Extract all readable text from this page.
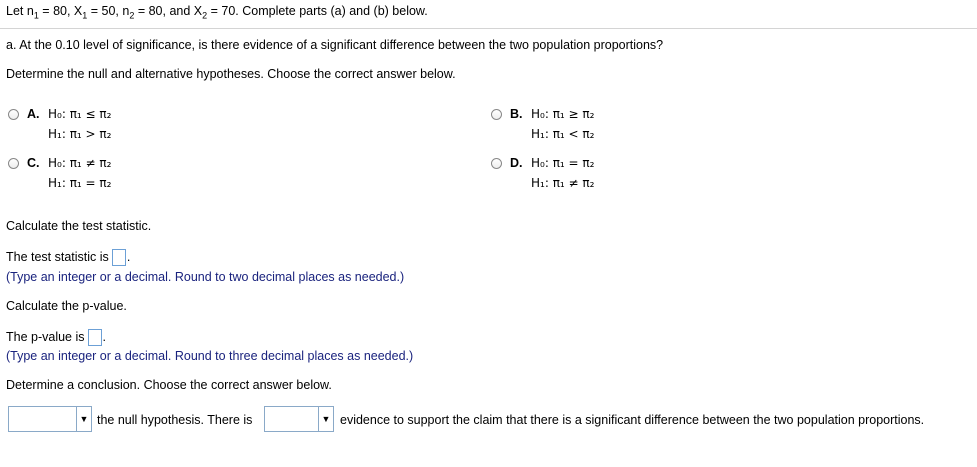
Let $n_1 = 80$, $X_1 = 50$, $n_2 = 80$, and $X_2 = 70$. Complete parts (a) and (b) below.
a. At the 0.10 level of significance, is there evidence of a significant difference between the two population proportions?
Determine the null and alternative hypotheses. Choose the correct answer below.
A. H₀: π₁ ≤ π₂
H₁: π₁ > π₂
B. H₀: π₁ ≥ π₂
H₁: π₁ < π₂
C. H₀: π₁ ≠ π₂
H₁: π₁ = π₂
D. H₀: π₁ = π₂
H₁: π₁ ≠ π₂
Calculate the test statistic.
The test statistic is .
(Type an integer or a decimal. Round to two decimal places as needed.)
Calculate the p-value.
The p-value is .
(Type an integer or a decimal. Round to three decimal places as needed.)
Determine a conclusion. Choose the correct answer below.
▼ the null hypothesis. There is	▼ evidence to support the claim that there is a significant difference between the two population proportions.
